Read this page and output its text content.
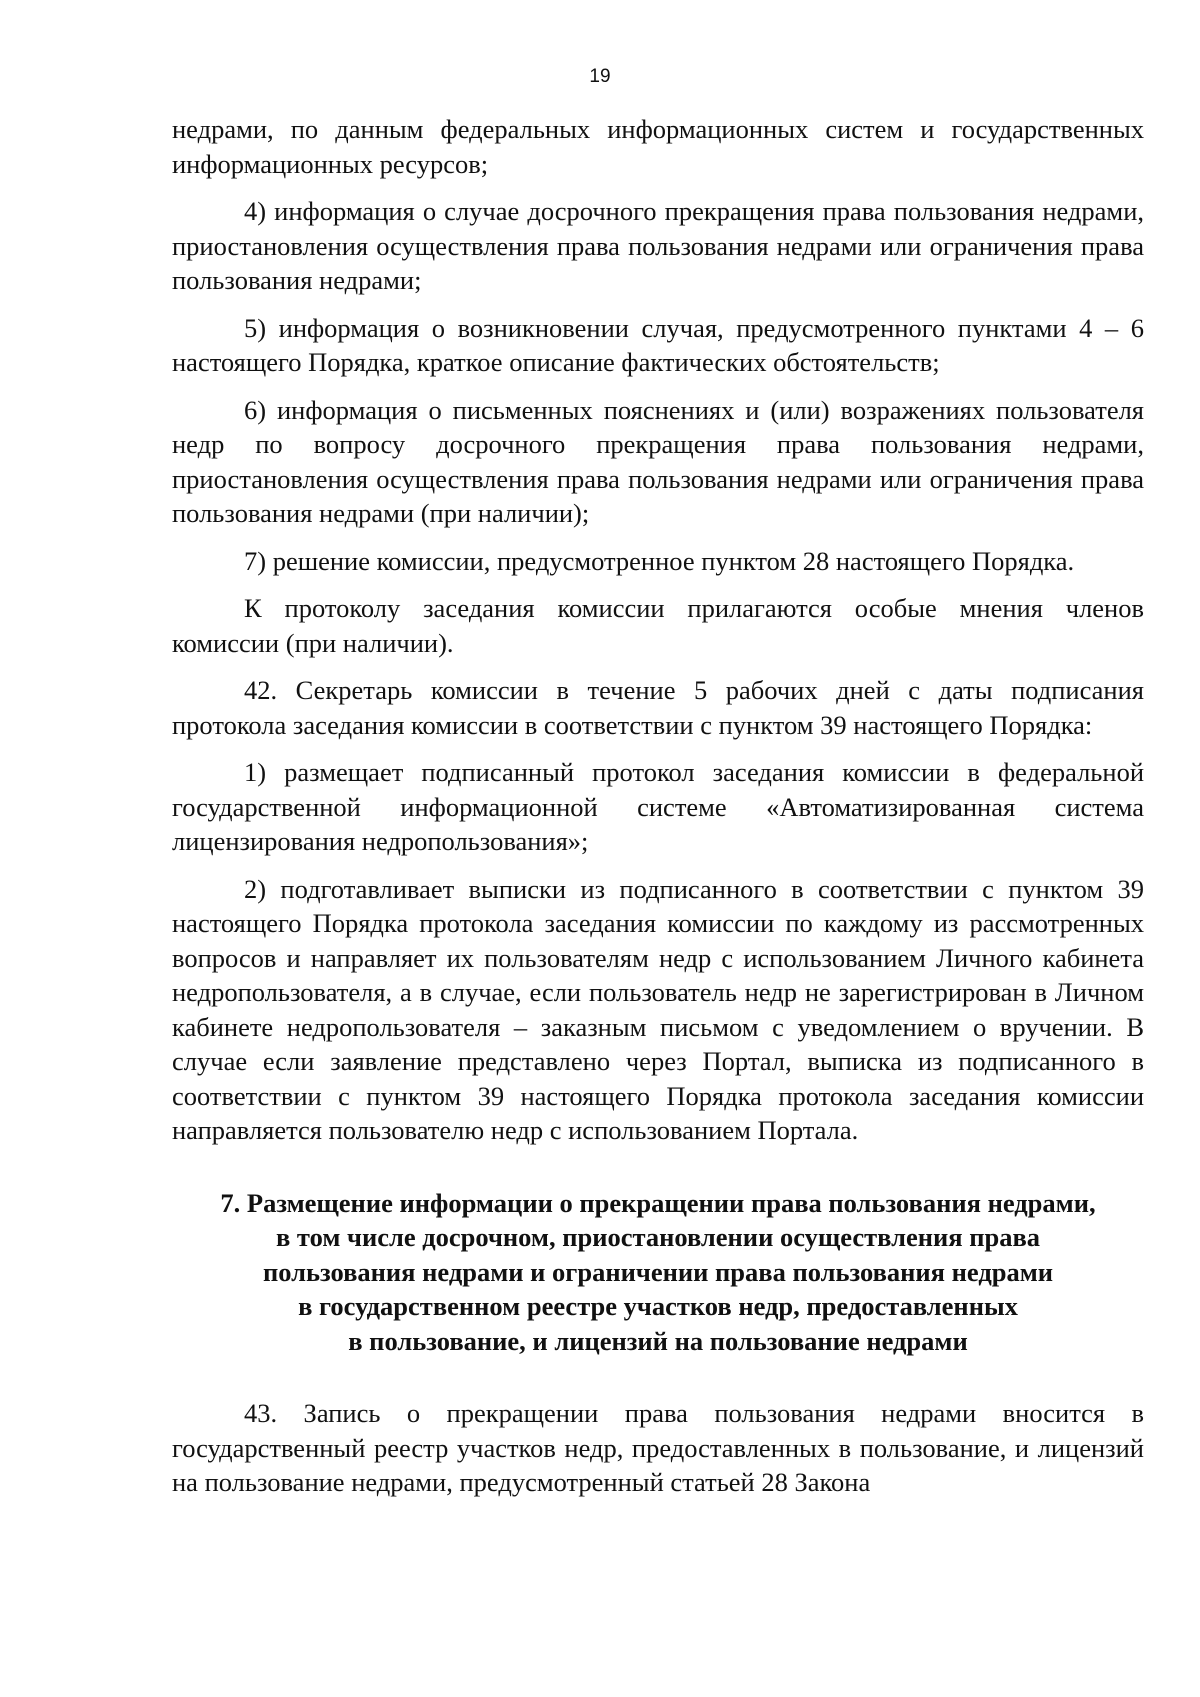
19

недрами, по данным федеральных информационных систем и государственных информационных ресурсов;

4) информация о случае досрочного прекращения права пользования недрами, приостановления осуществления права пользования недрами или ограничения права пользования недрами;

5) информация о возникновении случая, предусмотренного пунктами 4 – 6 настоящего Порядка, краткое описание фактических обстоятельств;

6) информация о письменных пояснениях и (или) возражениях пользователя недр по вопросу досрочного прекращения права пользования недрами, приостановления осуществления права пользования недрами или ограничения права пользования недрами (при наличии);

7) решение комиссии, предусмотренное пунктом 28 настоящего Порядка.

К протоколу заседания комиссии прилагаются особые мнения членов комиссии (при наличии).

42. Секретарь комиссии в течение 5 рабочих дней с даты подписания протокола заседания комиссии в соответствии с пунктом 39 настоящего Порядка:

1) размещает подписанный протокол заседания комиссии в федеральной государственной информационной системе «Автоматизированная система лицензирования недропользования»;

2) подготавливает выписки из подписанного в соответствии с пунктом 39 настоящего Порядка протокола заседания комиссии по каждому из рассмотренных вопросов и направляет их пользователям недр с использованием Личного кабинета недропользователя, а в случае, если пользователь недр не зарегистрирован в Личном кабинете недропользователя – заказным письмом с уведомлением о вручении. В случае если заявление представлено через Портал, выписка из подписанного в соответствии с пунктом 39 настоящего Порядка протокола заседания комиссии направляется пользователю недр с использованием Портала.

7. Размещение информации о прекращении права пользования недрами,
в том числе досрочном, приостановлении осуществления права
пользования недрами и ограничении права пользования недрами
в государственном реестре участков недр, предоставленных
в пользование, и лицензий на пользование недрами

43. Запись о прекращении права пользования недрами вносится в государственный реестр участков недр, предоставленных в пользование, и лицензий на пользование недрами, предусмотренный статьей 28 Закона
